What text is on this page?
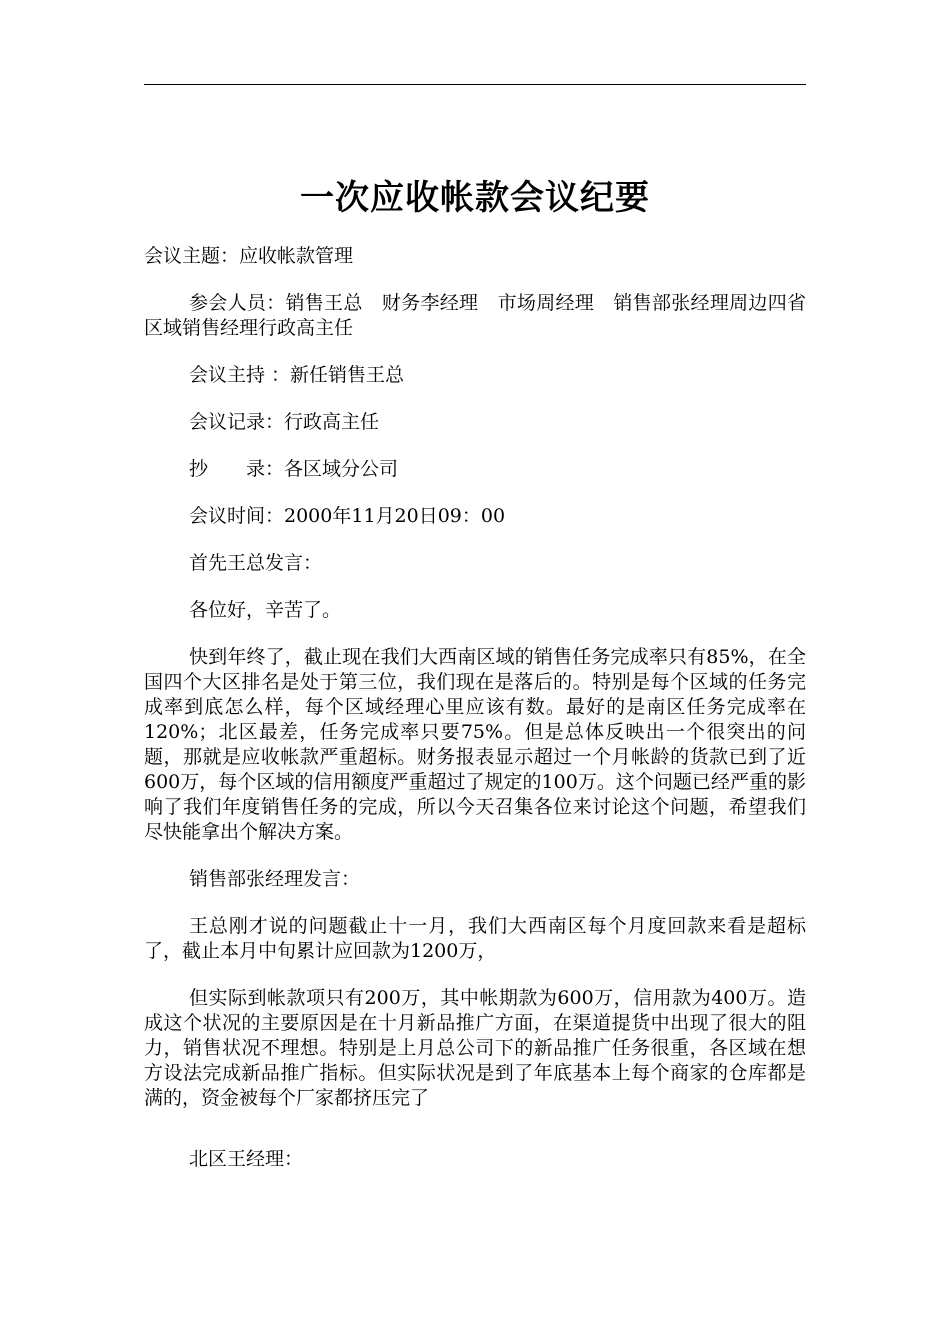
一次应收帐款会议纪要

会议主题：应收帐款管理

参会人员：销售王总　财务李经理　市场周经理　销售部张经理周边四省区域销售经理行政高主任

会议主持 ：新任销售王总

会议记录：行政高主任

抄　　录：各区域分公司

会议时间：2000年11月20日09：00

首先王总发言：

各位好，辛苦了。

快到年终了，截止现在我们大西南区域的销售任务完成率只有85%，在全国四个大区排名是处于第三位，我们现在是落后的。特别是每个区域的任务完成率到底怎么样，每个区域经理心里应该有数。最好的是南区任务完成率在120%；北区最差，任务完成率只要75%。但是总体反映出一个很突出的问题，那就是应收帐款严重超标。财务报表显示超过一个月帐龄的货款已到了近600万，每个区域的信用额度严重超过了规定的100万。这个问题已经严重的影响了我们年度销售任务的完成，所以今天召集各位来讨论这个问题，希望我们尽快能拿出个解决方案。

销售部张经理发言：

王总刚才说的问题截止十一月，我们大西南区每个月度回款来看是超标了，截止本月中旬累计应回款为1200万，

但实际到帐款项只有200万，其中帐期款为600万，信用款为400万。造成这个状况的主要原因是在十月新品推广方面，在渠道提货中出现了很大的阻力，销售状况不理想。特别是上月总公司下的新品推广任务很重，各区域在想方设法完成新品推广指标。但实际状况是到了年底基本上每个商家的仓库都是满的，资金被每个厂家都挤压完了

北区王经理：
